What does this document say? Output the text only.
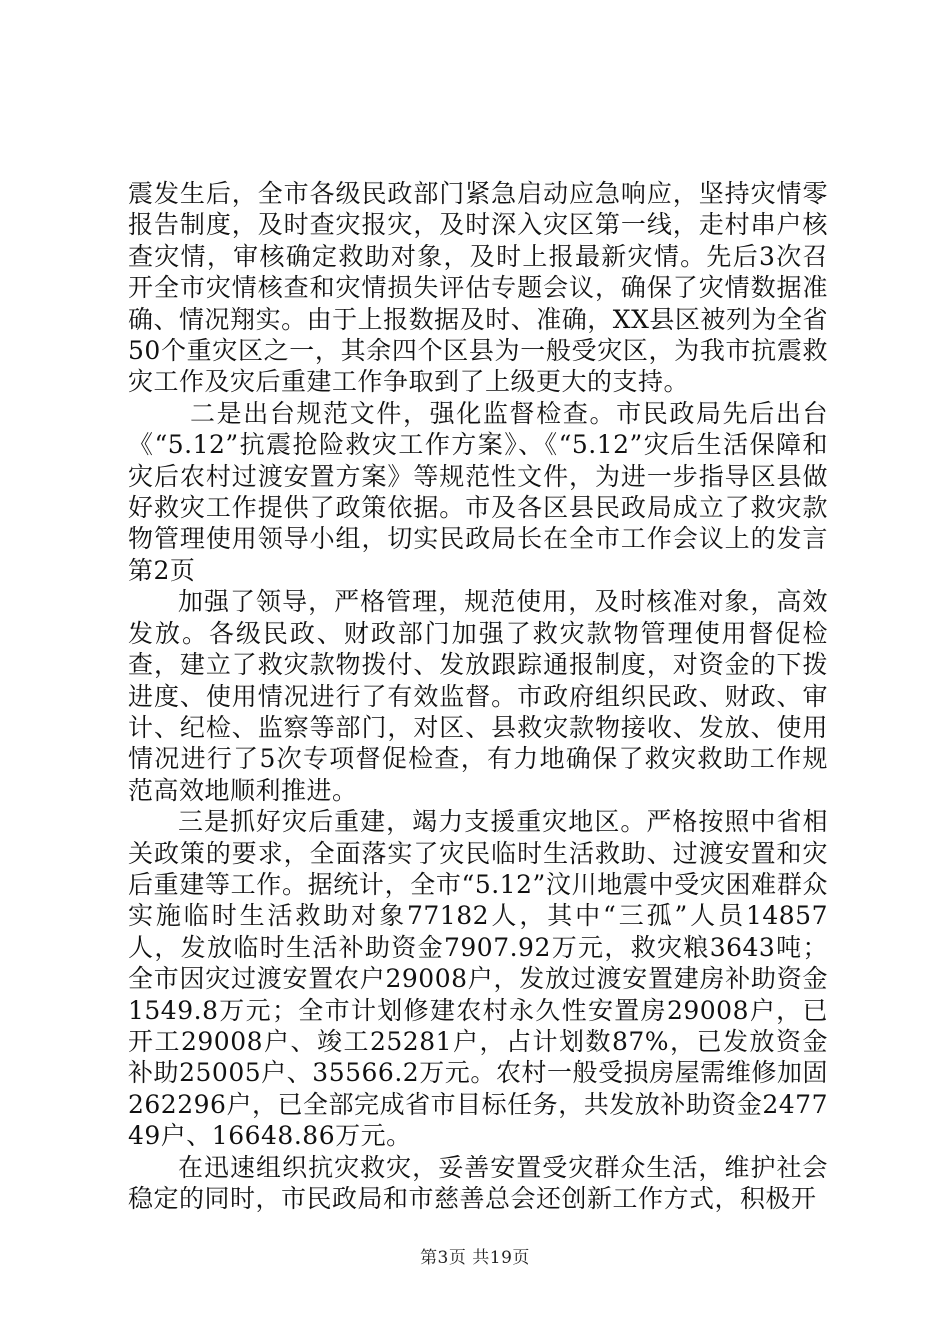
震发生后，全市各级民政部门紧急启动应急响应，坚持灾情零报告制度，及时查灾报灾，及时深入灾区第一线，走村串户核查灾情，审核确定救助对象，及时上报最新灾情。先后3次召开全市灾情核查和灾情损失评估专题会议，确保了灾情数据准确、情况翔实。由于上报数据及时、准确，XX县区被列为全省50个重灾区之一，其余四个区县为一般受灾区，为我市抗震救灾工作及灾后重建工作争取到了上级更大的支持。

二是出台规范文件，强化监督检查。市民政局先后出台《“5.12”抗震抢险救灾工作方案》、《“5.12”灾后生活保障和灾后农村过渡安置方案》等规范性文件，为进一步指导区县做好救灾工作提供了政策依据。市及各区县民政局成立了救灾款物管理使用领导小组，切实民政局长在全市工作会议上的发言第2页

加强了领导，严格管理，规范使用，及时核准对象，高效发放。各级民政、财政部门加强了救灾款物管理使用督促检查，建立了救灾款物拨付、发放跟踪通报制度，对资金的下拨进度、使用情况进行了有效监督。市政府组织民政、财政、审计、纪检、监察等部门，对区、县救灾款物接收、发放、使用情况进行了5次专项督促检查，有力地确保了救灾救助工作规范高效地顺利推进。

三是抓好灾后重建，竭力支援重灾地区。严格按照中省相关政策的要求，全面落实了灾民临时生活救助、过渡安置和灾后重建等工作。据统计，全市“5.12”汶川地震中受灾困难群众实施临时生活救助对象77182人，其中“三孤”人员14857人，发放临时生活补助资金7907.92万元，救灾粮3643吨；全市因灾过渡安置农户29008户，发放过渡安置建房补助资金1549.8万元；全市计划修建农村永久性安置房29008户，已开工29008户、竣工25281户，占计划数87%，已发放资金补助25005户、35566.2万元。农村一般受损房屋需维修加固262296户，已全部完成省市目标任务，共发放补助资金247749户、16648.86万元。

在迅速组织抗灾救灾，妥善安置受灾群众生活，维护社会稳定的同时，市民政局和市慈善总会还创新工作方式，积极开

第3页 共19页
